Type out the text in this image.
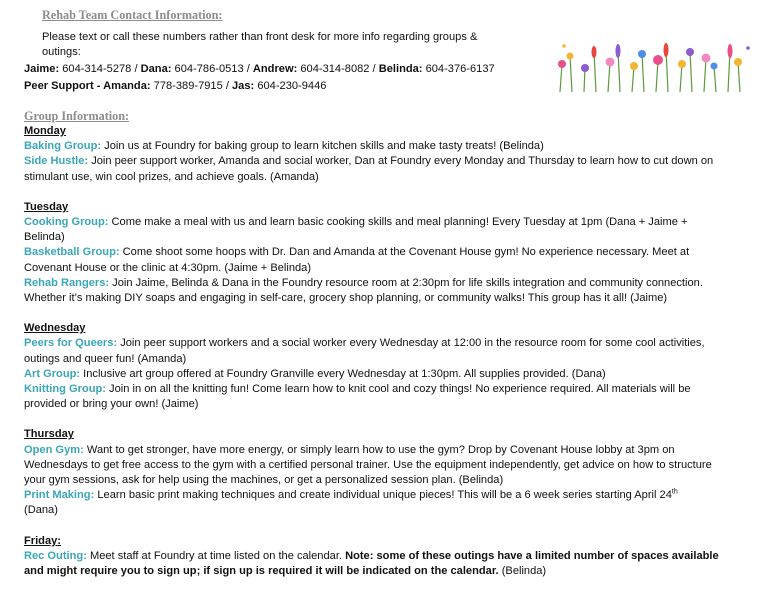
Rehab Team Contact Information:
Please text or call these numbers rather than front desk for more info regarding groups & outings:
Jaime: 604-314-5278 / Dana: 604-786-0513 / Andrew: 604-314-8082 / Belinda: 604-376-6137
Peer Support - Amanda: 778-389-7915 / Jas: 604-230-9446
Group Information:
Monday

Baking Group: Join us at Foundry for baking group to learn kitchen skills and make tasty treats! (Belinda)

Side Hustle: Join peer support worker, Amanda and social worker, Dan at Foundry every Monday and Thursday to learn how to cut down on stimulant use, win cool prizes, and achieve goals. (Amanda)

Tuesday

Cooking Group: Come make a meal with us and learn basic cooking skills and meal planning! Every Tuesday at 1pm (Dana + Jaime + Belinda)

Basketball Group: Come shoot some hoops with Dr. Dan and Amanda at the Covenant House gym! No experience necessary. Meet at Covenant House or the clinic at 4:30pm. (Jaime + Belinda)

Rehab Rangers: Join Jaime, Belinda & Dana in the Foundry resource room at 2:30pm for life skills integration and community connection. Whether it’s making DIY soaps and engaging in self-care, grocery shop planning, or community walks! This group has it all! (Jaime)

Wednesday

Peers for Queers: Join peer support workers and a social worker every Wednesday at 12:00 in the resource room for some cool activities, outings and queer fun! (Amanda)

Art Group: Inclusive art group offered at Foundry Granville every Wednesday at 1:30pm. All supplies provided. (Dana)

Knitting Group: Join in on all the knitting fun! Come learn how to knit cool and cozy things! No experience required. All materials will be provided or bring your own! (Jaime)

Thursday

Open Gym: Want to get stronger, have more energy, or simply learn how to use the gym? Drop by Covenant House lobby at 3pm on Wednesdays to get free access to the gym with a certified personal trainer. Use the equipment independently, get advice on how to structure your gym sessions, ask for help using the machines, or get a personalized session plan. (Belinda)

Print Making: Learn basic print making techniques and create individual unique pieces! This will be a 6 week series starting April 24th
(Dana)

Friday:

Rec Outing: Meet staff at Foundry at time listed on the calendar. Note: some of these outings have a limited number of spaces available and might require you to sign up; if sign up is required it will be indicated on the calendar. (Belinda)
